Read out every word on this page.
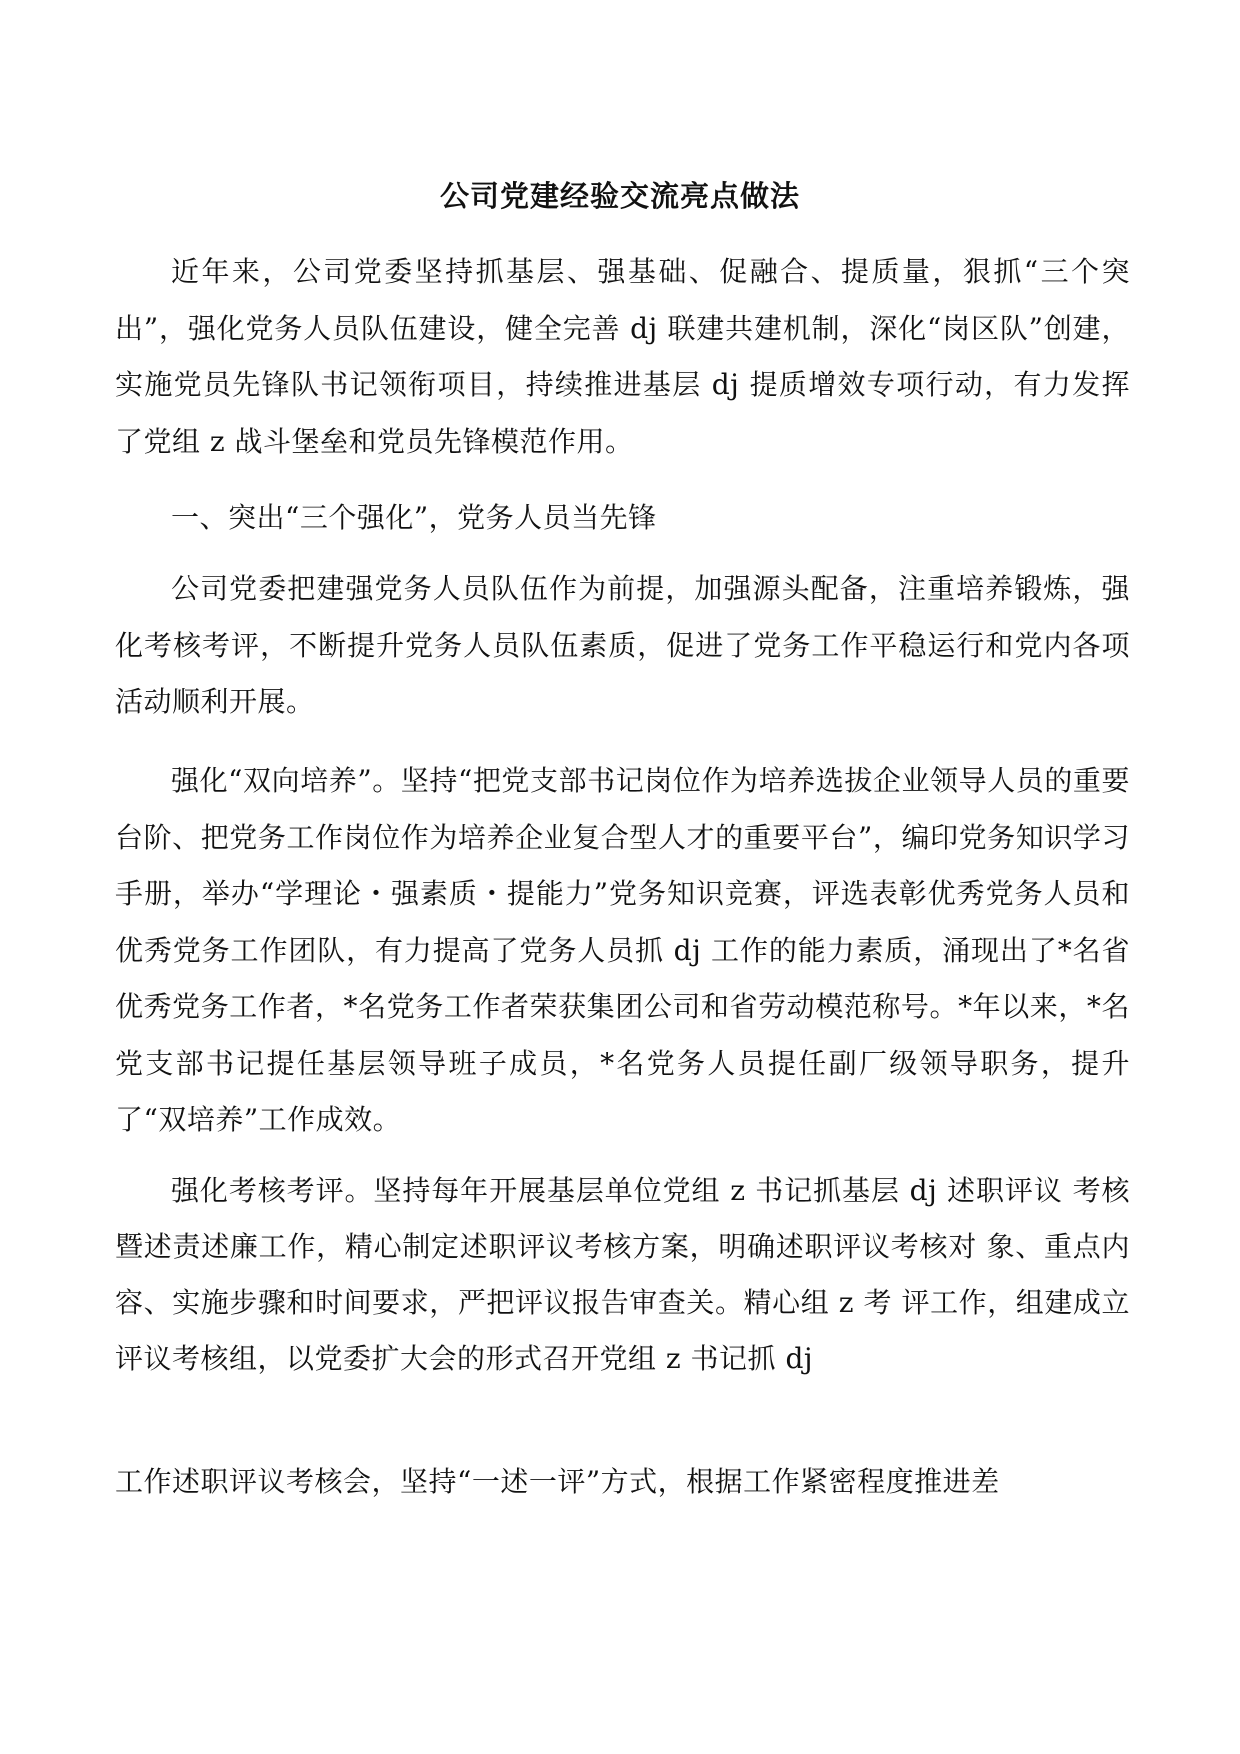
公司党建经验交流亮点做法

近年来，公司党委坚持抓基层、强基础、促融合、提质量，狠抓“三个突出”，强化党务人员队伍建设，健全完善 dj 联建共建机制，深化“岗区队”创建，实施党员先锋队书记领衔项目，持续推进基层 dj 提质增效专项行动，有力发挥了党组 z 战斗堡垒和党员先锋模范作用。

一、突出“三个强化”，党务人员当先锋

公司党委把建强党务人员队伍作为前提，加强源头配备，注重培养锻炼，强化考核考评，不断提升党务人员队伍素质，促进了党务工作平稳运行和党内各项活动顺利开展。

强化“双向培养”。坚持“把党支部书记岗位作为培养选拔企业领导人员的重要台阶、把党务工作岗位作为培养企业复合型人才的重要平台”，编印党务知识学习手册，举办“学理论・强素质・提能力”党务知识竞赛，评选表彰优秀党务人员和优秀党务工作团队，有力提高了党务人员抓 dj 工作的能力素质，涌现出了*名省优秀党务工作者，*名党务工作者荣获集团公司和省劳动模范称号。*年以来，*名党支部书记提任基层领导班子成员，*名党务人员提任副厂级领导职务，提升了“双培养”工作成效。

强化考核考评。坚持每年开展基层单位党组 z 书记抓基层 dj 述职评议 考核暨述责述廉工作，精心制定述职评议考核方案，明确述职评议考核对 象、重点内容、实施步骤和时间要求，严把评议报告审查关。精心组 z 考 评工作，组建成立评议考核组，以党委扩大会的形式召开党组 z 书记抓 dj

工作述职评议考核会，坚持“一述一评”方式，根据工作紧密程度推进差
